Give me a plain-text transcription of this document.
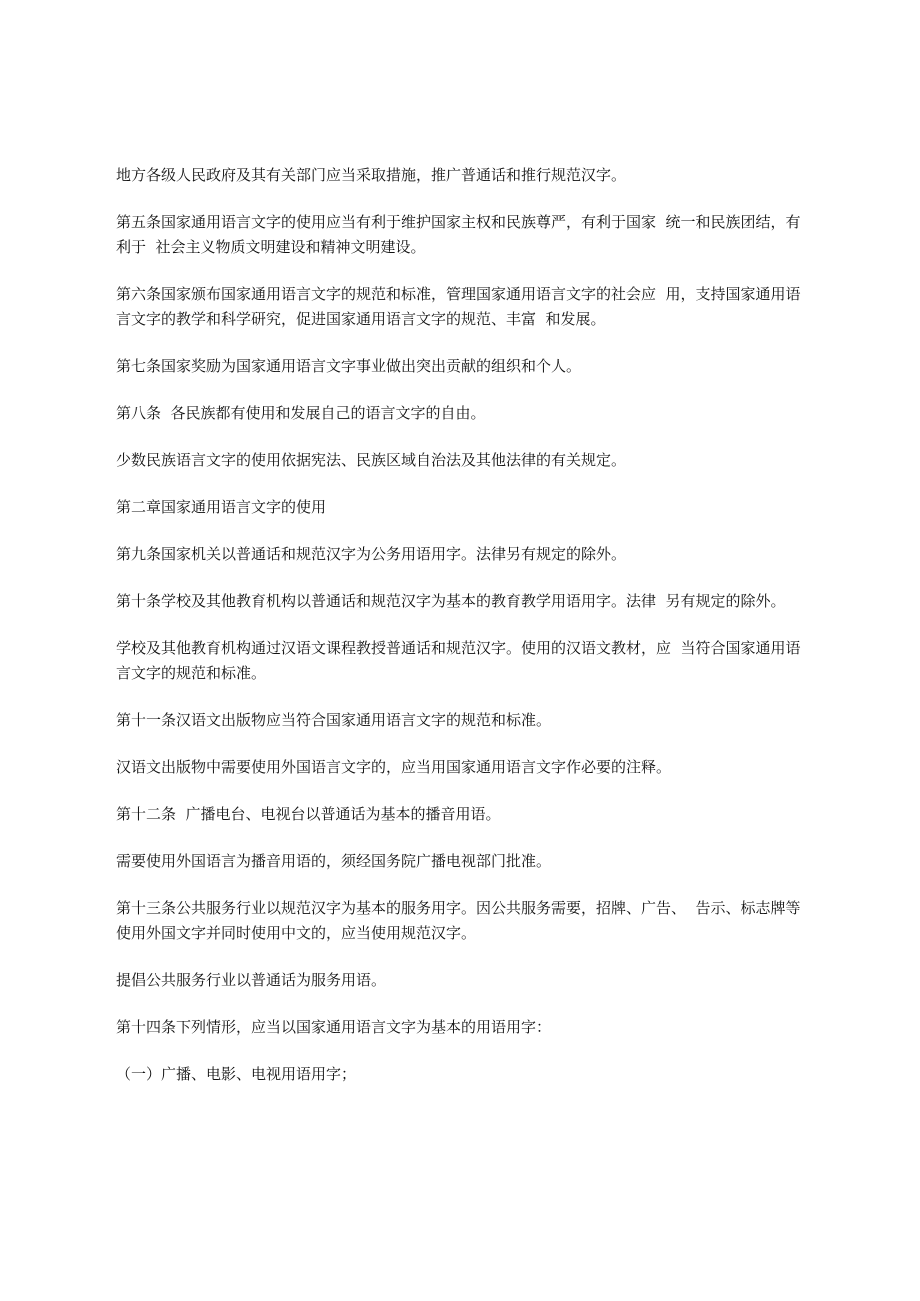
地方各级人民政府及其有关部门应当采取措施，推广普通话和推行规范汉字。

第五条国家通用语言文字的使用应当有利于维护国家主权和民族尊严，有利于国家  统一和民族团结，有利于  社会主义物质文明建设和精神文明建设。

第六条国家颁布国家通用语言文字的规范和标准，管理国家通用语言文字的社会应  用，支持国家通用语言文字的教学和科学研究，促进国家通用语言文字的规范、丰富  和发展。

第七条国家奖励为国家通用语言文字事业做出突出贡献的组织和个人。

第八条  各民族都有使用和发展自己的语言文字的自由。

少数民族语言文字的使用依据宪法、民族区域自治法及其他法律的有关规定。

第二章国家通用语言文字的使用

第九条国家机关以普通话和规范汉字为公务用语用字。法律另有规定的除外。

第十条学校及其他教育机构以普通话和规范汉字为基本的教育教学用语用字。法律  另有规定的除外。

学校及其他教育机构通过汉语文课程教授普通话和规范汉字。使用的汉语文教材，应  当符合国家通用语言文字的规范和标准。

第十一条汉语文出版物应当符合国家通用语言文字的规范和标准。

汉语文出版物中需要使用外国语言文字的，应当用国家通用语言文字作必要的注释。

第十二条  广播电台、电视台以普通话为基本的播音用语。

需要使用外国语言为播音用语的，须经国务院广播电视部门批准。

第十三条公共服务行业以规范汉字为基本的服务用字。因公共服务需要，招牌、广告、  告示、标志牌等使用外国文字并同时使用中文的，应当使用规范汉字。

提倡公共服务行业以普通话为服务用语。

第十四条下列情形，应当以国家通用语言文字为基本的用语用字：

（一）广播、电影、电视用语用字；
